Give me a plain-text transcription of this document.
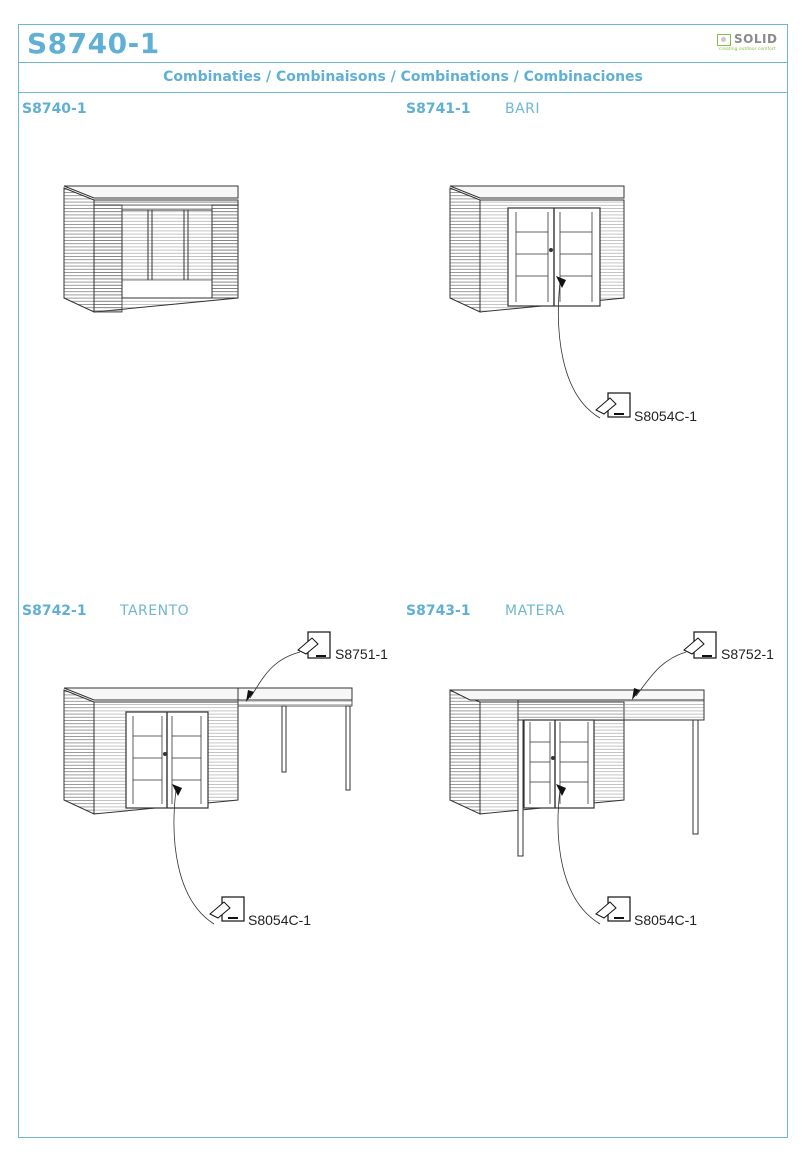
S8740-1	SOLID
creating outdoor comfort
Combinaties / Combinaisons / Combinations / Combinaciones
S8740-1	S8741-1 BARI
S8742-1 TARENTO	S8743-1 MATERA
S8054C-1
S8751-1
S8054C-1
S8752-1
S8054C-1
